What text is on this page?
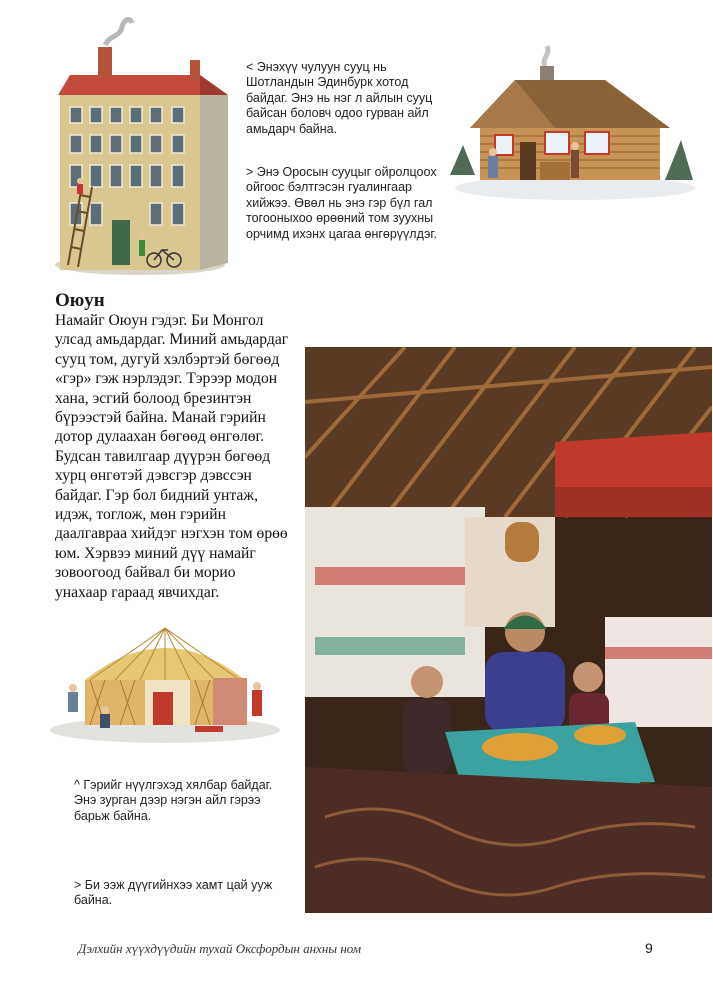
< Энэхүү чулуун сууц нь Шотландын Эдинбурк хотод байдаг. Энэ нь нэг л айлын сууц байсан боловч одоо гурван айл амьдарч байна.

> Энэ Оросын сууцыг ойролцоох ойгоос бэлтгэсэн гуалингаар хийжээ. Өвөл нь энэ гэр бүл гал тогооныхоо өрөөний том зуухны орчимд ихэнх цагаа өнгөрүүлдэг.

Оюун

Намайг Оюун гэдэг. Би Монгол улсад амьдардаг. Миний амьдардаг сууц том, дугуй хэлбэртэй бөгөөд «гэр» гэж нэрлэдэг. Тэрээр модон хана, эсгий болоод брезинтэн бүрээстэй байна. Манай гэрийн дотор дулаахан бөгөөд өнгөлөг. Будсан тавилгаар дүүрэн бөгөөд хурц өнгөтэй дэвсгэр дэвссэн байдаг. Гэр бол бидний унтаж, идэж, тоглож, мөн гэрийн даалгавраа хийдэг нэгхэн том өрөө юм. Хэрвээ миний дүү намайг зовоогоод байвал би морио унахаар гараад явчихдаг.

^ Гэрийг нүүлгэхэд хялбар байдаг. Энэ зурган дээр нэгэн айл гэрээ барьж байна.

> Би ээж дүүгийнхээ хамт цай ууж байна.

Дэлхийн хүүхдүүдийн тухай Оксфордын анхны ном	9
